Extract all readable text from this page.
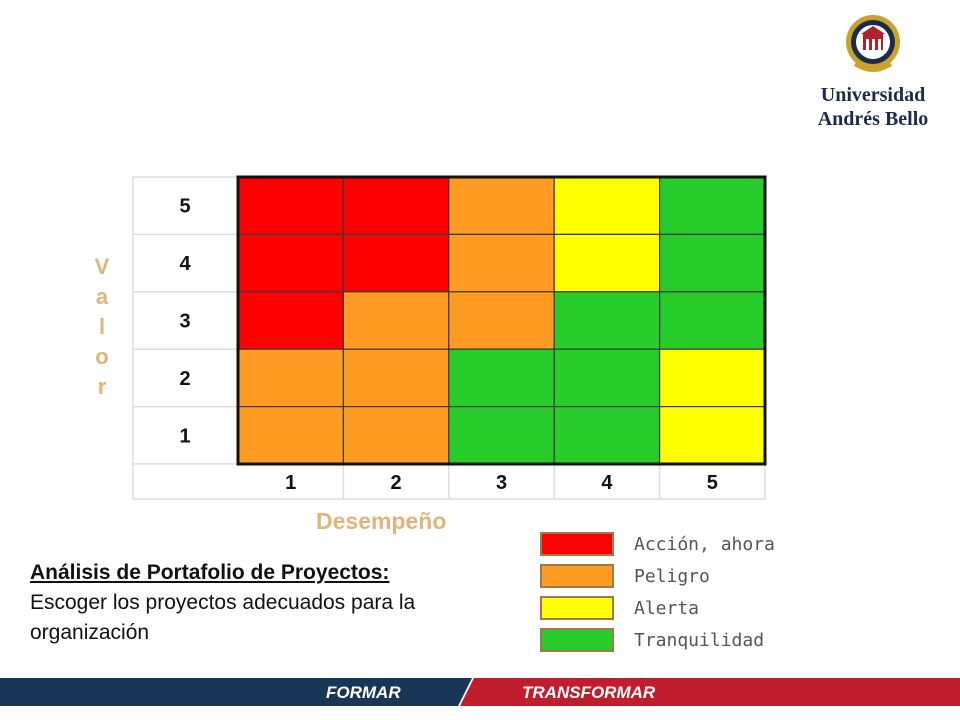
Universidad
Andrés Bello
5
4
3
2
1
1	2	3	4	5
V
a
l
o
r
Desempeño
Análisis de Portafolio de Proyectos:
Escoger los proyectos adecuados para la organización
Acción, ahora
Peligro
Alerta
Tranquilidad
FORMAR	TRANSFORMAR
